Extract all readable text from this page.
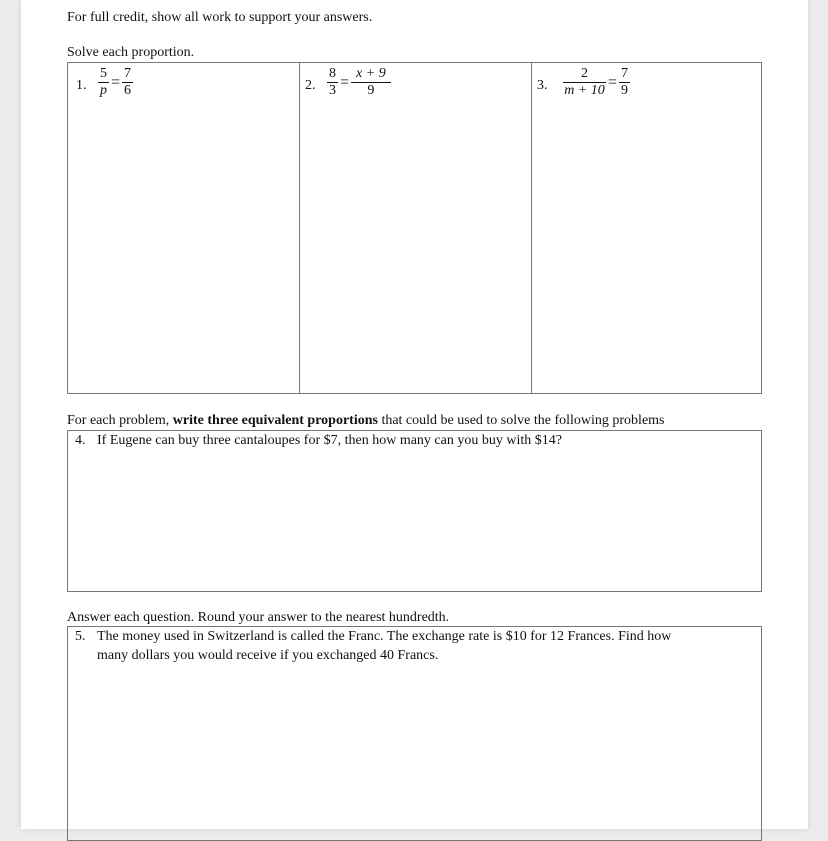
For full credit, show all work to support your answers.
Solve each proportion.
1. $\frac{5}{p} = \frac{7}{6}$	2. $\frac{8}{3} = \frac{x + 9}{9}$	3. $\frac{2}{m + 10} = \frac{7}{9}$
For each problem, write three equivalent proportions that could be used to solve the following problems
4. If Eugene can buy three cantaloupes for $7, then how many can you buy with $14?
Answer each question. Round your answer to the nearest hundredth.
5. The money used in Switzerland is called the Franc. The exchange rate is $10 for 12 Frances. Find how
many dollars you would receive if you exchanged 40 Francs.
